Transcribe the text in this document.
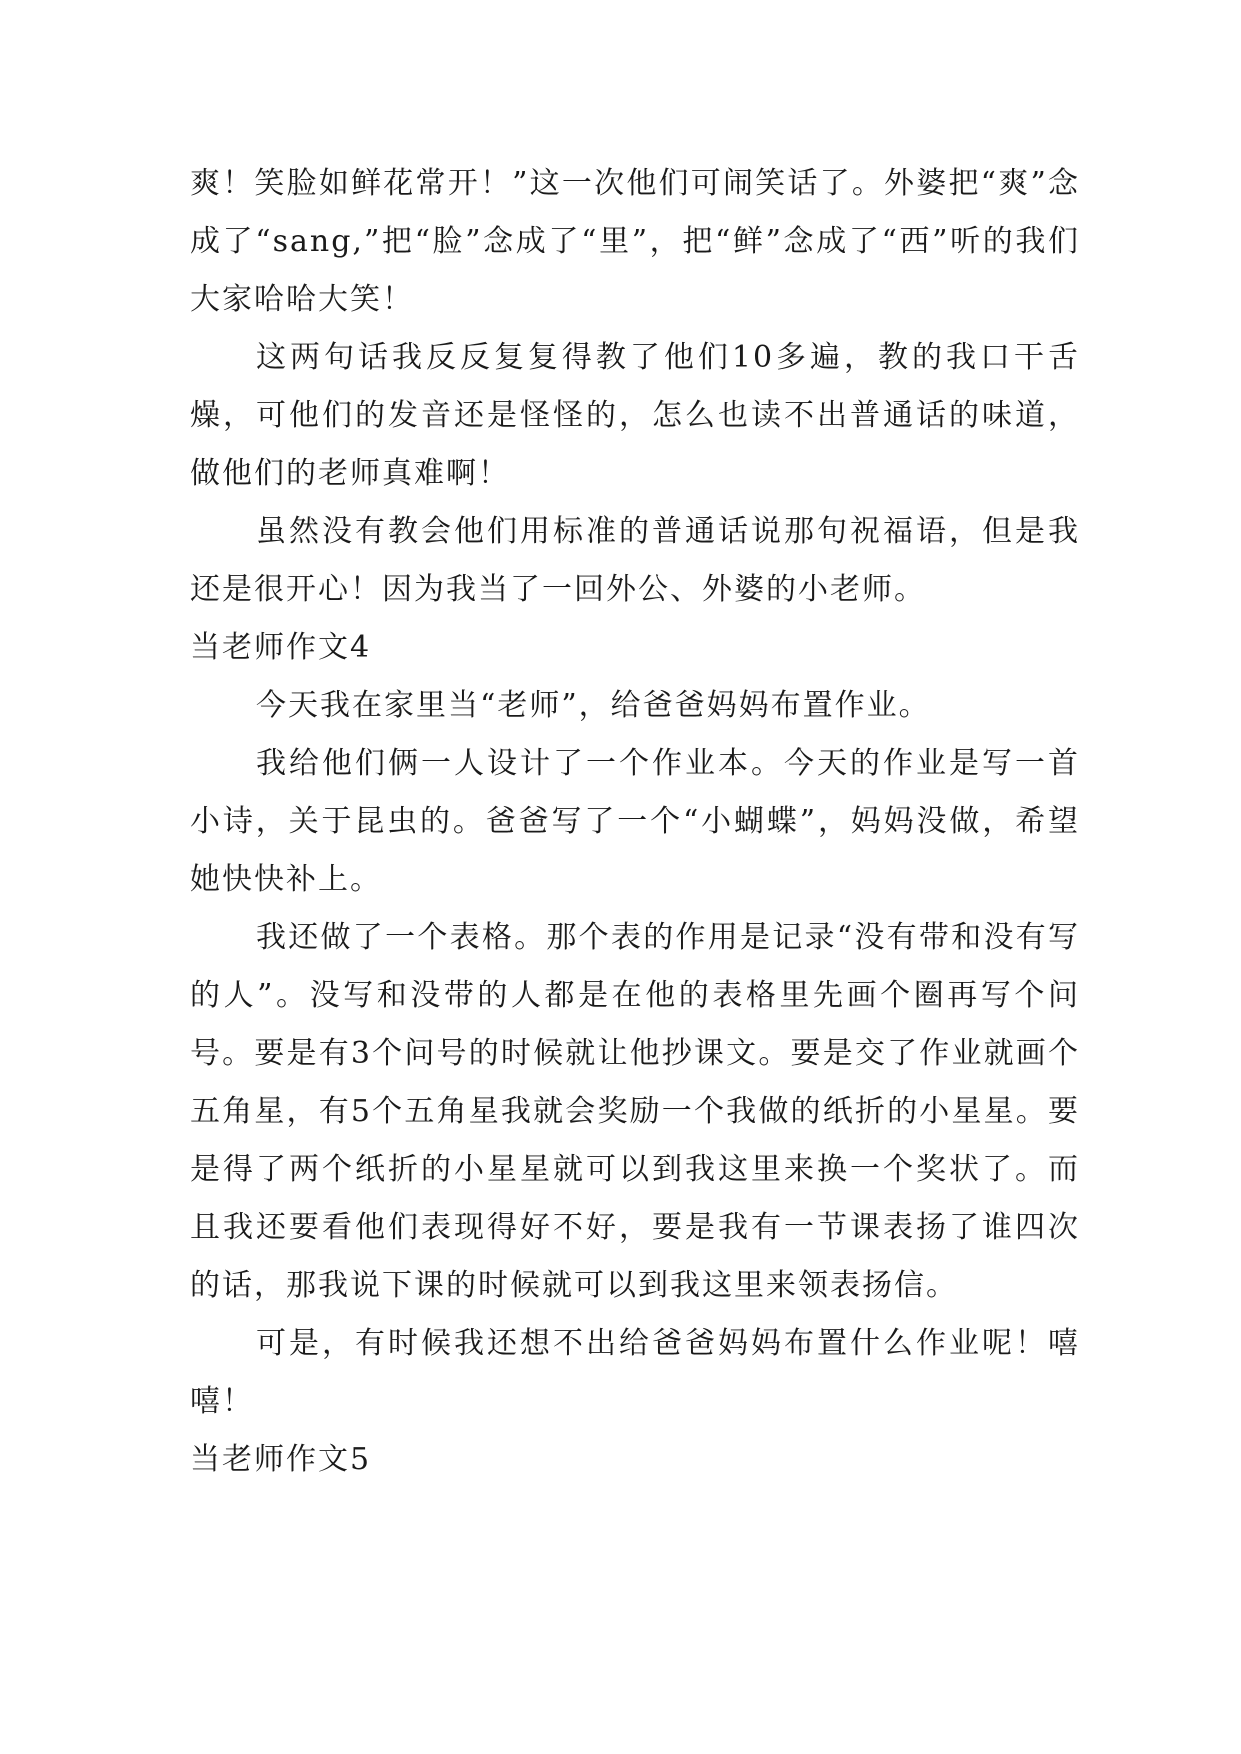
爽！笑脸如鲜花常开！”这一次他们可闹笑话了。外婆把“爽”念成了“sang,”把“脸”念成了“里”，把“鲜”念成了“西”听的我们大家哈哈大笑！

这两句话我反反复复得教了他们10多遍，教的我口干舌燥，可他们的发音还是怪怪的，怎么也读不出普通话的味道，做他们的老师真难啊！

虽然没有教会他们用标准的普通话说那句祝福语，但是我还是很开心！因为我当了一回外公、外婆的小老师。

当老师作文4

今天我在家里当“老师”，给爸爸妈妈布置作业。

我给他们俩一人设计了一个作业本。今天的作业是写一首小诗，关于昆虫的。爸爸写了一个“小蝴蝶”，妈妈没做，希望她快快补上。

我还做了一个表格。那个表的作用是记录“没有带和没有写的人”。没写和没带的人都是在他的表格里先画个圈再写个问号。要是有3个问号的时候就让他抄课文。要是交了作业就画个五角星，有5个五角星我就会奖励一个我做的纸折的小星星。要是得了两个纸折的小星星就可以到我这里来换一个奖状了。而且我还要看他们表现得好不好，要是我有一节课表扬了谁四次的话，那我说下课的时候就可以到我这里来领表扬信。

可是，有时候我还想不出给爸爸妈妈布置什么作业呢！嘻嘻！

当老师作文5
